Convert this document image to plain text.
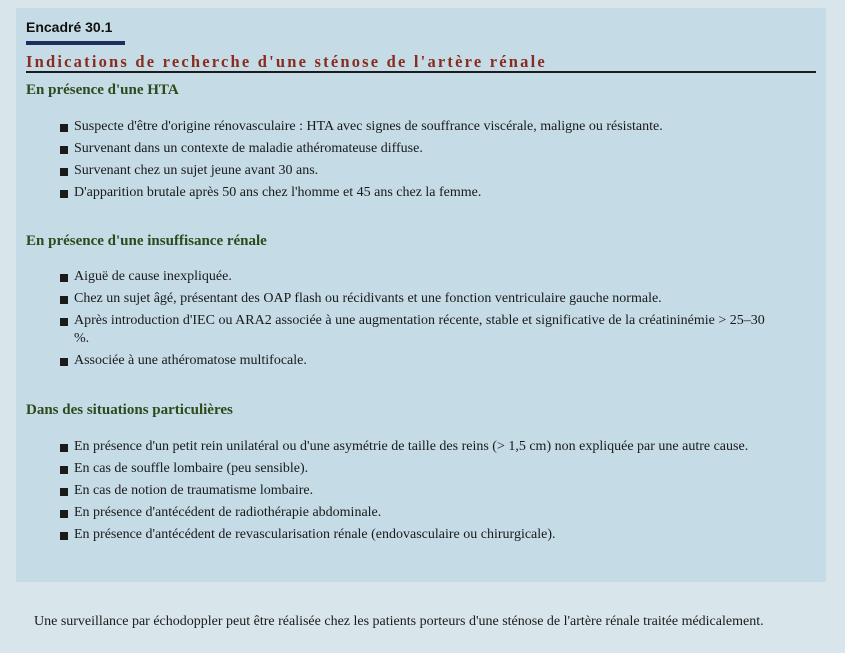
Encadré 30.1
Indications de recherche d'une sténose de l'artère rénale
En présence d'une HTA
Suspecte d'être d'origine rénovasculaire : HTA avec signes de souffrance viscérale, maligne ou résistante.
Survenant dans un contexte de maladie athéromateuse diffuse.
Survenant chez un sujet jeune avant 30 ans.
D'apparition brutale après 50 ans chez l'homme et 45 ans chez la femme.
En présence d'une insuffisance rénale
Aiguë de cause inexpliquée.
Chez un sujet âgé, présentant des OAP flash ou récidivants et une fonction ventriculaire gauche normale.
Après introduction d'IEC ou ARA2 associée à une augmentation récente, stable et significative de la créatininémie > 25–30 %.
Associée à une athéromatose multifocale.
Dans des situations particulières
En présence d'un petit rein unilatéral ou d'une asymétrie de taille des reins (> 1,5 cm) non expliquée par une autre cause.
En cas de souffle lombaire (peu sensible).
En cas de notion de traumatisme lombaire.
En présence d'antécédent de radiothérapie abdominale.
En présence d'antécédent de revascularisation rénale (endovasculaire ou chirurgicale).

Une surveillance par échodoppler peut être réalisée chez les patients porteurs d'une sténose de l'artère rénale traitée médicalement.
